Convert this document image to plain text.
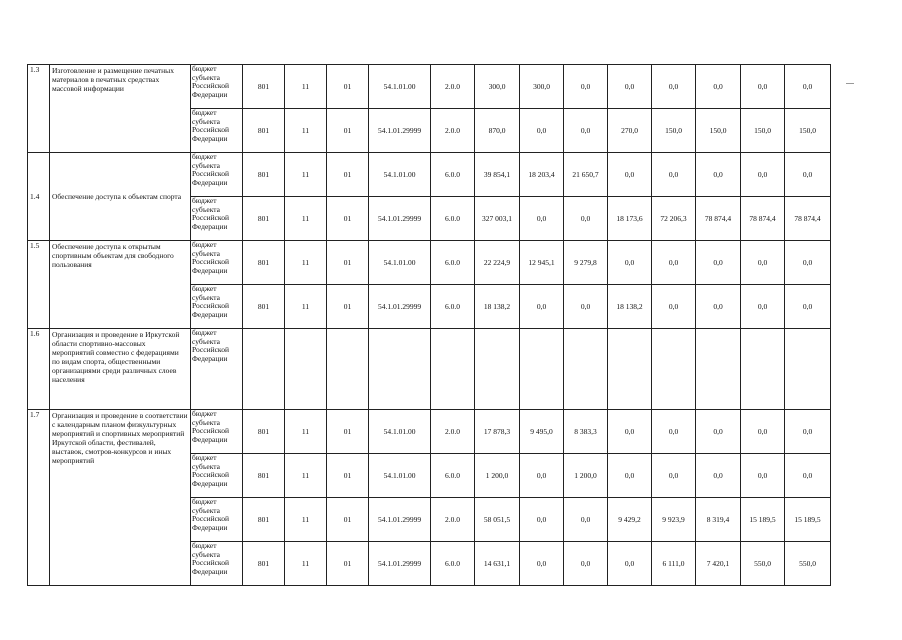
1.3	Изготовление и размещение печатных материалов в печатных средствах массовой информации	бюджет субъекта Российской Федерации	801	11	01	54.1.01.00	2.0.0	300,0	300,0	0,0	0,0	0,0	0,0	0,0	0,0
		бюджет субъекта Российской Федерации	801	11	01	54.1.01.29999	2.0.0	870,0	0,0	0,0	270,0	150,0	150,0	150,0	150,0
1.4	Обеспечение доступа к объектам спорта	бюджет субъекта Российской Федерации	801	11	01	54.1.01.00	6.0.0	39 854,1	18 203,4	21 650,7	0,0	0,0	0,0	0,0	0,0
		бюджет субъекта Российской Федерации	801	11	01	54.1.01.29999	6.0.0	327 003,1	0,0	0,0	18 173,6	72 206,3	78 874,4	78 874,4	78 874,4
1.5	Обеспечение доступа к открытым спортивным объектам для свободного пользования	бюджет субъекта Российской Федерации	801	11	01	54.1.01.00	6.0.0	22 224,9	12 945,1	9 279,8	0,0	0,0	0,0	0,0	0,0
		бюджет субъекта Российской Федерации	801	11	01	54.1.01.29999	6.0.0	18 138,2	0,0	0,0	18 138,2	0,0	0,0	0,0	0,0
1.6	Организация и проведение в Иркутской области спортивно-массовых мероприятий совместно с федерациями по видам спорта, общественными организациями среди различных слоев населения	бюджет субъекта Российской Федерации													
1.7	Организация и проведение в соответствии с календарным планом физкультурных мероприятий и спортивных мероприятий Иркутской области, фестивалей, выставок, смотров-конкурсов и иных мероприятий	бюджет субъекта Российской Федерации	801	11	01	54.1.01.00	2.0.0	17 878,3	9 495,0	8 383,3	0,0	0,0	0,0	0,0	0,0
		бюджет субъекта Российской Федерации	801	11	01	54.1.01.00	6.0.0	1 200,0	0,0	1 200,0	0,0	0,0	0,0	0,0	0,0
		бюджет субъекта Российской Федерации	801	11	01	54.1.01.29999	2.0.0	58 051,5	0,0	0,0	9 429,2	9 923,9	8 319,4	15 189,5	15 189,5
		бюджет субъекта Российской Федерации	801	11	01	54.1.01.29999	6.0.0	14 631,1	0,0	0,0	0,0	6 111,0	7 420,1	550,0	550,0
